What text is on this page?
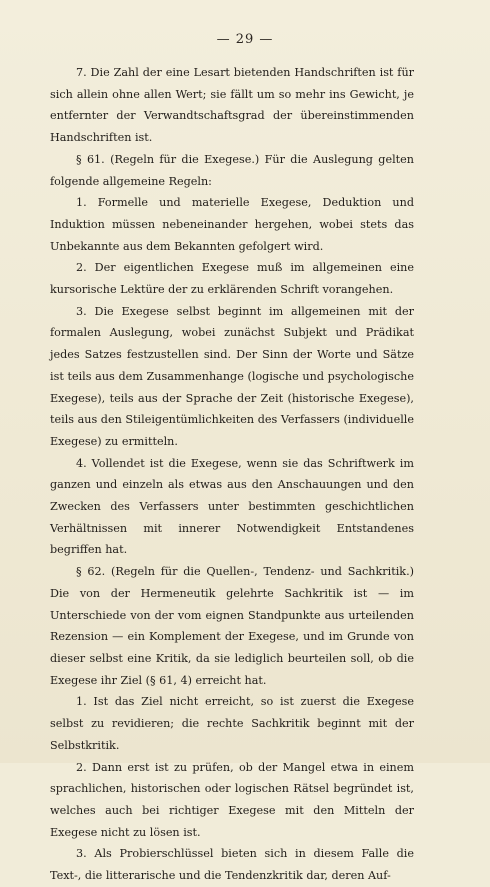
— 29 —

7. Die Zahl der eine Lesart bietenden Handschriften ist für sich allein ohne allen Wert; sie fällt um so mehr ins Gewicht, je entfernter der Verwandtschaftsgrad der übereinstimmenden Handschriften ist.

§ 61. (Regeln für die Exegese.) Für die Auslegung gelten folgende allgemeine Regeln:

1. Formelle und materielle Exegese, Deduktion und Induktion müssen nebeneinander hergehen, wobei stets das Unbekannte aus dem Bekannten gefolgert wird.

2. Der eigentlichen Exegese muß im allgemeinen eine kursorische Lektüre der zu erklärenden Schrift vorangehen.

3. Die Exegese selbst beginnt im allgemeinen mit der formalen Auslegung, wobei zunächst Subjekt und Prädikat jedes Satzes festzustellen sind. Der Sinn der Worte und Sätze ist teils aus dem Zusammenhange (logische und psychologische Exegese), teils aus der Sprache der Zeit (historische Exegese), teils aus den Stileigentümlichkeiten des Verfassers (individuelle Exegese) zu ermitteln.

4. Vollendet ist die Exegese, wenn sie das Schriftwerk im ganzen und einzeln als etwas aus den Anschauungen und den Zwecken des Verfassers unter bestimmten geschichtlichen Verhältnissen mit innerer Notwendigkeit Entstandenes begriffen hat.

§ 62. (Regeln für die Quellen-, Tendenz- und Sachkritik.) Die von der Hermeneutik gelehrte Sachkritik ist — im Unterschiede von der vom eignen Standpunkte aus urteilenden Rezension — ein Komplement der Exegese, und im Grunde von dieser selbst eine Kritik, da sie lediglich beurteilen soll, ob die Exegese ihr Ziel (§ 61, 4) erreicht hat.

1. Ist das Ziel nicht erreicht, so ist zuerst die Exegese selbst zu revidieren; die rechte Sachkritik beginnt mit der Selbstkritik.

2. Dann erst ist zu prüfen, ob der Mangel etwa in einem sprachlichen, historischen oder logischen Rätsel begründet ist, welches auch bei richtiger Exegese mit den Mitteln der Exegese nicht zu lösen ist.

3. Als Probierschlüssel bieten sich in diesem Falle die Text-, die litterarische und die Tendenzkritik dar, deren Auf-
